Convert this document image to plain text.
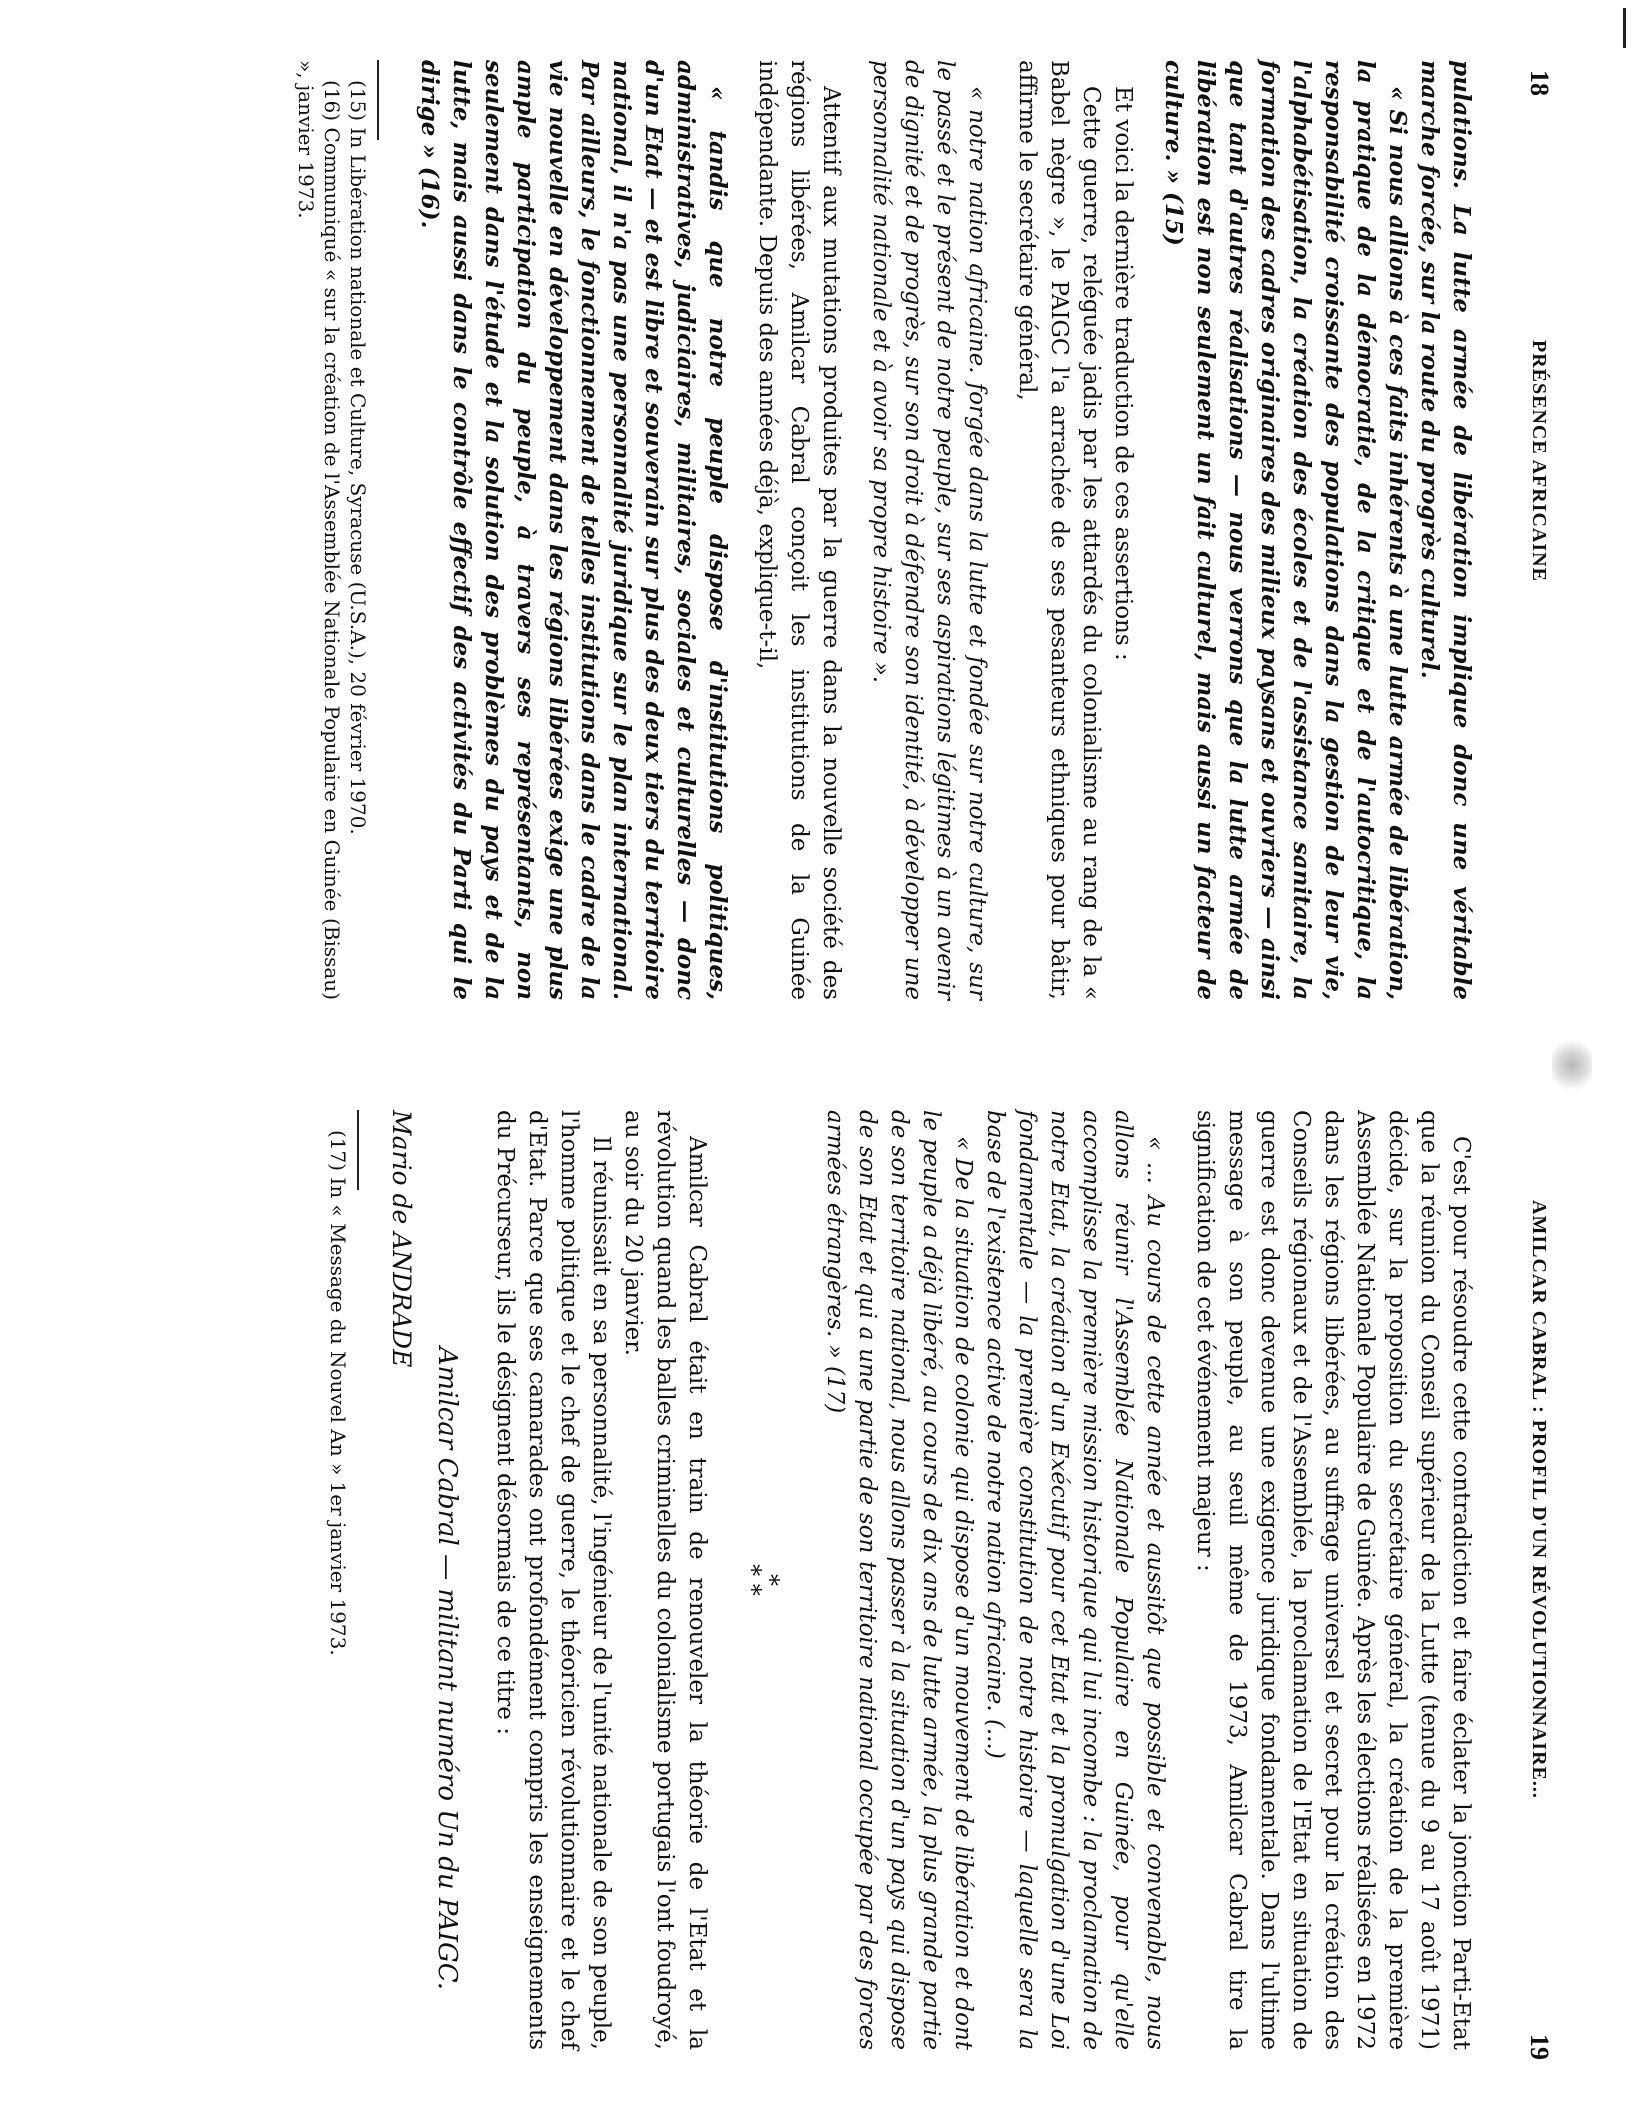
18
PRÉSENCE AFRICAINE

pulations. La lutte armée de libération implique donc une véritable marche forcée, sur la route du progrès culturel.

« Si nous allions à ces faits inhérents à une lutte armée de libération, la pratique de la démocratie, de la critique et de l'autocritique, la responsabilité croissante des populations dans la gestion de leur vie, l'alphabétisation, la création des écoles et de l'assistance sanitaire, la formation des cadres originaires des milieux paysans et ouvriers — ainsi que tant d'autres réalisations — nous verrons que la lutte armée de libération est non seulement un fait culturel, mais aussi un facteur de culture. » (15)

Et voici la dernière traduction de ces assertions :

Cette guerre, reléguée jadis par les attardés du colonialisme au rang de la « Babel nègre », le PAIGC l'a arrachée de ses pesanteurs ethniques pour bâtir, affirme le secrétaire général,

« notre nation africaine. forgée dans la lutte et fondée sur notre culture, sur le passé et le présent de notre peuple, sur ses aspirations légitimes à un avenir de dignité et de progrès, sur son droit à défendre son identité, à développer une personnalité nationale et à avoir sa propre histoire ».

Attentif aux mutations produites par la guerre dans la nouvelle société des régions libérées, Amilcar Cabral conçoit les institutions de la Guinée indépendante. Depuis des années déjà, explique-t-il,

« tandis que notre peuple dispose d'institutions politiques, administratives, judiciaires, militaires, sociales et culturelles — donc d'un Etat — et est libre et souverain sur plus des deux tiers du territoire national, il n'a pas une personnalité juridique sur le plan international. Par ailleurs, le fonctionnement de telles institutions dans le cadre de la vie nouvelle en développement dans les régions libérées exige une plus ample participation du peuple, à travers ses représentants, non seulement dans l'étude et la solution des problèmes du pays et de la lutte, mais aussi dans le contrôle effectif des activités du Parti qui le dirige » (16).

(15) In Libération nationale et Culture, Syracuse (U.S.A.), 20 février 1970.

(16) Communiqué « sur la création de l'Assemblée Nationale Populaire en Guinée (Bissau) », janvier 1973.

AMILCAR CABRAL : PROFIL D'UN RÉVOLUTIONNAIRE...
19

C'est pour résoudre cette contradiction et faire éclater la jonction Parti-Etat que la réunion du Conseil supérieur de la Lutte (tenue du 9 au 17 août 1971) décide, sur la proposition du secrétaire général, la création de la première Assemblée Nationale Populaire de Guinée. Après les élections réalisées en 1972 dans les régions libérées, au suffrage universel et secret pour la création des Conseils régionaux et de l'Assemblée, la proclamation de l'Etat en situation de guerre est donc devenue une exigence juridique fondamentale. Dans l'ultime message à son peuple, au seuil même de 1973, Amilcar Cabral tire la signification de cet événement majeur :

« ... Au cours de cette année et aussitôt que possible et convenable, nous allons réunir l'Assemblée Nationale Populaire en Guinée, pour qu'elle accomplisse la première mission historique qui lui incombe : la proclamation de notre Etat, la création d'un Exécutif pour cet Etat et la promulgation d'une Loi fondamentale — la première constitution de notre histoire — laquelle sera la base de l'existence active de notre nation africaine. (...)

« De la situation de colonie qui dispose d'un mouvement de libération et dont le peuple a déjà libéré, au cours de dix ans de lutte armée, la plus grande partie de son territoire national, nous allons passer à la situation d'un pays qui dispose de son Etat et qui a une partie de son territoire national occupée par des forces armées étrangères. » (17)

*
* *

Amilcar Cabral était en train de renouveler la théorie de l'Etat et la révolution quand les balles criminelles du colonialisme portugais l'ont foudroyé, au soir du 20 janvier.

Il réunissait en sa personnalité, l'ingénieur de l'unité nationale de son peuple, l'homme politique et le chef de guerre, le théoricien révolutionnaire et le chef d'Etat. Parce que ses camarades ont profondément compris les enseignements du Précurseur, ils le désignent désormais de ce titre :

Amilcar Cabral — militant numéro Un du PAIGC.

Mario de ANDRADE

(17) In « Message du Nouvel An » 1er janvier 1973.
